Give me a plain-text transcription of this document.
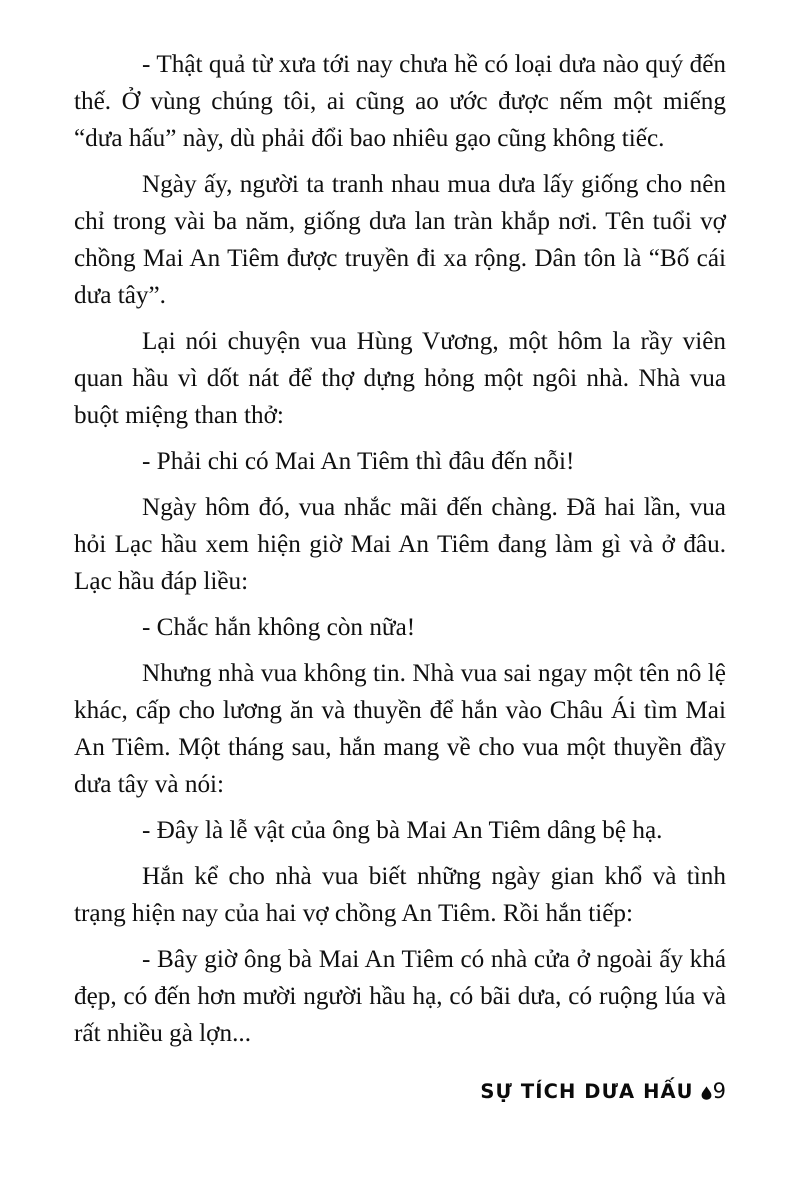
- Thật quả từ xưa tới nay chưa hề có loại dưa nào quý đến thế. Ở vùng chúng tôi, ai cũng ao ước được nếm một miếng “dưa hấu” này, dù phải đổi bao nhiêu gạo cũng không tiếc.

Ngày ấy, người ta tranh nhau mua dưa lấy giống cho nên chỉ trong vài ba năm, giống dưa lan tràn khắp nơi. Tên tuổi vợ chồng Mai An Tiêm được truyền đi xa rộng. Dân tôn là “Bố cái dưa tây”.

Lại nói chuyện vua Hùng Vương, một hôm la rầy viên quan hầu vì dốt nát để thợ dựng hỏng một ngôi nhà. Nhà vua buột miệng than thở:

- Phải chi có Mai An Tiêm thì đâu đến nỗi!

Ngày hôm đó, vua nhắc mãi đến chàng. Đã hai lần, vua hỏi Lạc hầu xem hiện giờ Mai An Tiêm đang làm gì và ở đâu. Lạc hầu đáp liều:

- Chắc hắn không còn nữa!

Nhưng nhà vua không tin. Nhà vua sai ngay một tên nô lệ khác, cấp cho lương ăn và thuyền để hắn vào Châu Ái tìm Mai An Tiêm. Một tháng sau, hắn mang về cho vua một thuyền đầy dưa tây và nói:

- Đây là lễ vật của ông bà Mai An Tiêm dâng bệ hạ.

Hắn kể cho nhà vua biết những ngày gian khổ và tình trạng hiện nay của hai vợ chồng An Tiêm. Rồi hắn tiếp:

- Bây giờ ông bà Mai An Tiêm có nhà cửa ở ngoài ấy khá đẹp, có đến hơn mười người hầu hạ, có bãi dưa, có ruộng lúa và rất nhiều gà lợn...

SỰ TÍCH DƯA HẤU 9
